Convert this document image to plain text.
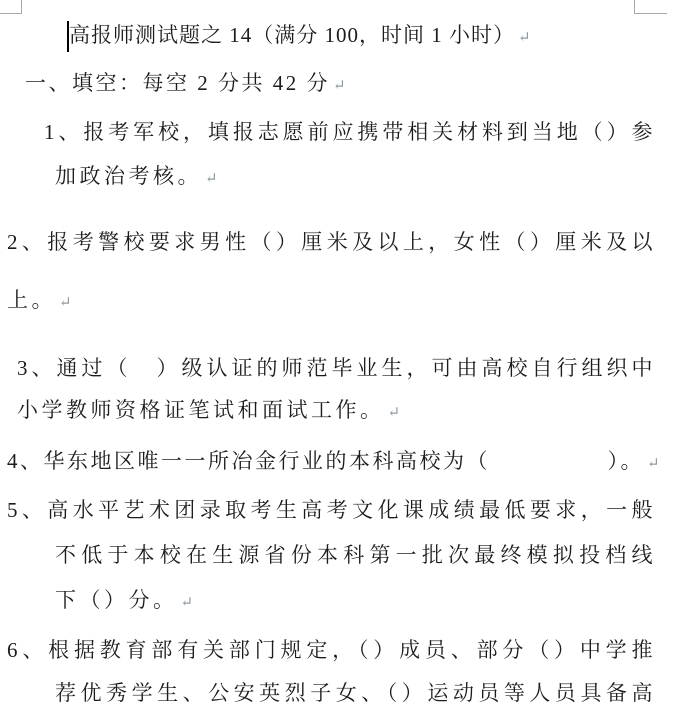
高报师测试题之 14（满分 100，时间 1 小时） ↵
一、填空：每空 2 分共 42 分 ↵
1、报考军校，填报志愿前应携带相关材料到当地（）参
加政治考核。 ↵
2、报考警校要求男性（）厘米及以上，女性（）厘米及以
上。 ↵
3、通过（　）级认证的师范毕业生，可由高校自行组织中
小学教师资格证笔试和面试工作。 ↵
4、华东地区唯一一所冶金行业的本科高校为（　　　　　）。 ↵
5、高水平艺术团录取考生高考文化课成绩最低要求，一般
不低于本校在生源省份本科第一批次最终模拟投档线
下（）分。 ↵
6、根据教育部有关部门规定，（）成员、部分（）中学推
荐优秀学生、公安英烈子女、（）运动员等人员具备高
